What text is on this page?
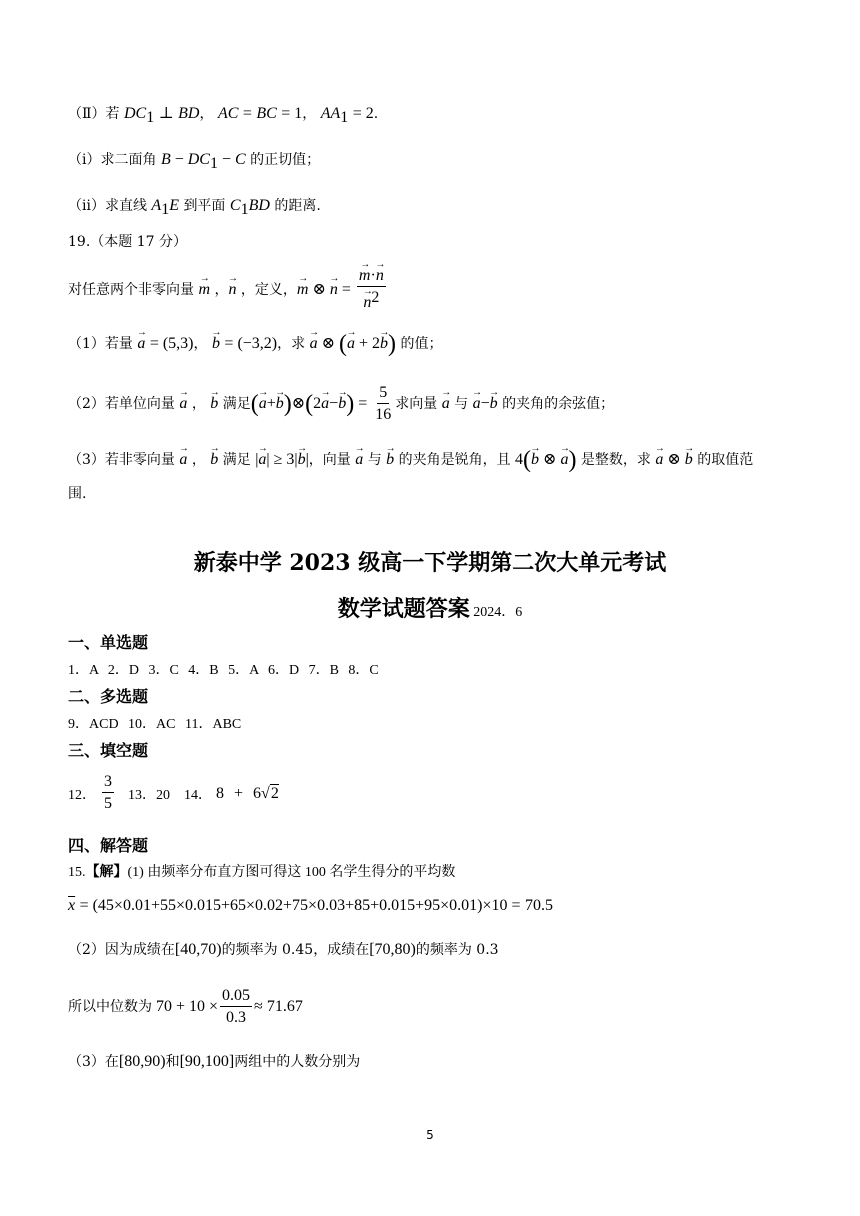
（Ⅱ）若 $DC_1$ ⊥ BD， AC = BC = 1， $AA_1 = 2$.
（ⅰ）求二面角 $B - DC_1 - C$ 的正切值；
（ⅱ）求直线 $A_1E$ 到平面 $C_1BD$ 的距离.
19.（本题 17 分）
对任意两个非零向量
→ m ， → n
，定义， → m ⊗ → n = → m·→ n
→ $n^2$
（1）若量 → a = (5,3)， → b = (−3,2)，求 → a ⊗ (→ a + 2→ b) 的值；
（2）若单位向量
→ a ， → b
满足 ( → a + → b ) ⊗ ( 2 → a − → b ) = $\frac{5}{16}$ 求向量
→ a
与
→ a − → b
的夹角的余弦值；
（3）若非零向量 → a ， → b 满足 |→ a| ≥ 3|→ b|，向量 → a 与 → b 的夹角是锐角，且 4(→ b ⊗ → a) 是整数，求 → a ⊗ → b 的取值范
围.
新泰中学 2023 级高一下学期第二次大单元考试
数学试题答案 2024．6
一、单选题
1．A 2．D 3．C 4．B 5．A 6．D 7．B 8．C
二、多选题
9．ACD 10．AC 11．ABC
三、填空题
12． $\frac{3}{5} 13$．20 14． 8 + 6√2
四、解答题
15.【解】(1) 由频率分布直方图可得这 100 名学生得分的平均数
$\overline{x} = (45\times 0.01+55\times 0.015+65\times 0.02+75\times 0.03+85+0.015+95\times 0.01)\times 10 = 70.5$
（2）因为成绩在[40,70)的频率为 0.45，成绩在[70,80)的频率为 0.3
所以中位数为 $70 + 10 \times \frac{0.05}{0.3} \approx 71.67$
（3）在[80,90)和[90,100]两组中的人数分别为
5
